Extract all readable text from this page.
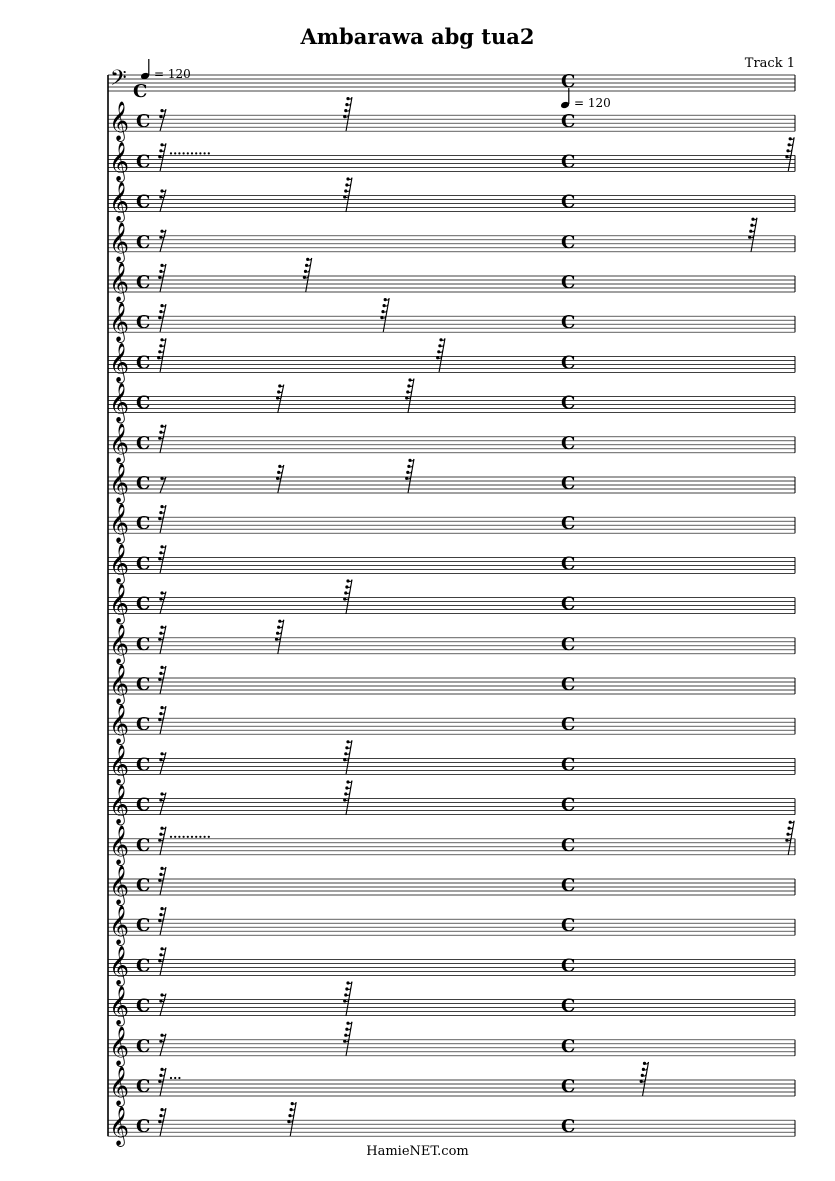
Ambarawa abg tua2
Track 1
HamieNET.com
= 120
= 120
𝄢 C	C
𝄞 C	C
𝄞 C	C
𝄞 C	C
𝄞 C	C
𝄞 C	C
𝄞 C	C
𝄞 C	C
𝄞 C	C
𝄞 C	C
𝄞 C	C
𝄞 C	C
𝄞 C	C
𝄞 C	C
𝄞 C	C
𝄞 C	C
𝄞 C	C
𝄞 C	C
𝄞 C	C
𝄞 C	C
𝄞 C	C
𝄞 C	C
𝄞 C	C
𝄞 C	C
𝄞 C	C
𝄞 C	C
𝄞 C	C
